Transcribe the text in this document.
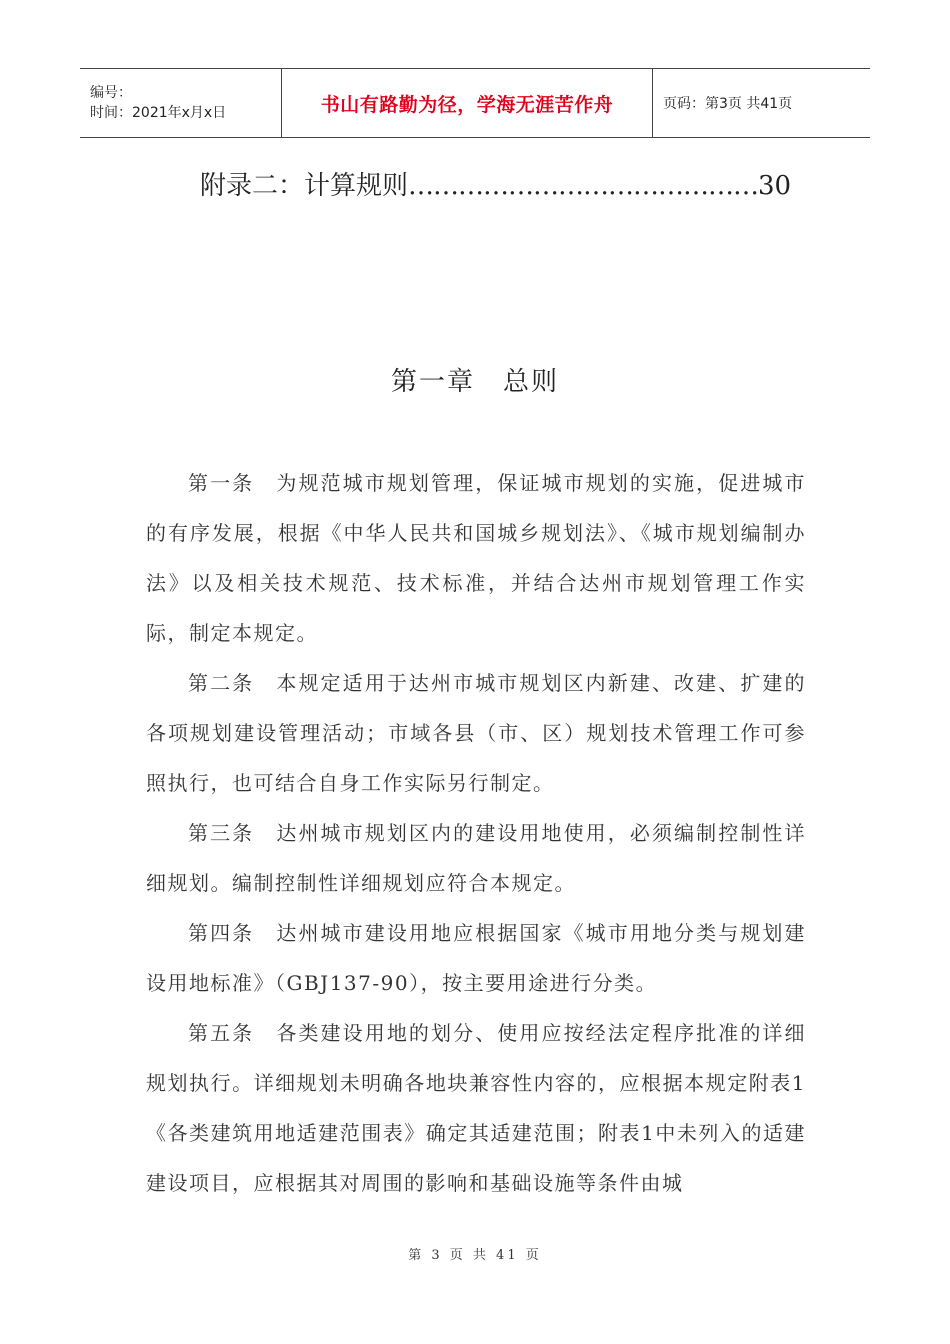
编号：
时间：2021年x月x日	书山有路勤为径，学海无涯苦作舟	页码：第3页 共41页
附录二：计算规则……………………………………30
第一章　总则

第一条　为规范城市规划管理，保证城市规划的实施，促进城市的有序发展，根据《中华人民共和国城乡规划法》、《城市规划编制办法》以及相关技术规范、技术标准，并结合达州市规划管理工作实际，制定本规定。

第二条　本规定适用于达州市城市规划区内新建、改建、扩建的各项规划建设管理活动；市域各县（市、区）规划技术管理工作可参照执行，也可结合自身工作实际另行制定。

第三条　达州城市规划区内的建设用地使用，必须编制控制性详细规划。编制控制性详细规划应符合本规定。

第四条　达州城市建设用地应根据国家《城市用地分类与规划建设用地标准》（GBJ137-90），按主要用途进行分类。

第五条　各类建设用地的划分、使用应按经法定程序批准的详细规划执行。详细规划未明确各地块兼容性内容的，应根据本规定附表1《各类建筑用地适建范围表》确定其适建范围；附表1中未列入的适建建设项目，应根据其对周围的影响和基础设施等条件由城

第 3 页 共 41 页
